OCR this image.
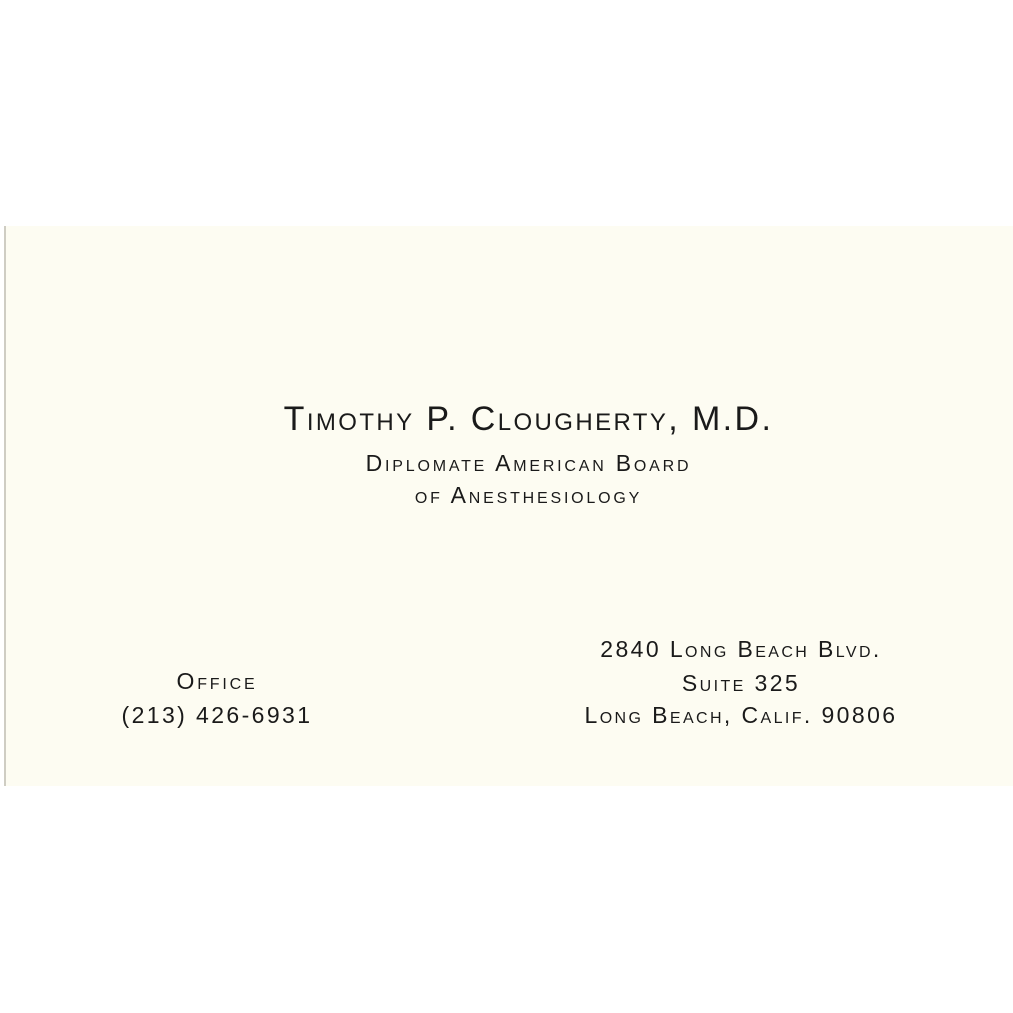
Timothy P. Clougherty, M.D.
Diplomate American Board
of Anesthesiology
Office
(213) 426-6931
2840 Long Beach Blvd.
Suite 325
Long Beach, Calif. 90806
